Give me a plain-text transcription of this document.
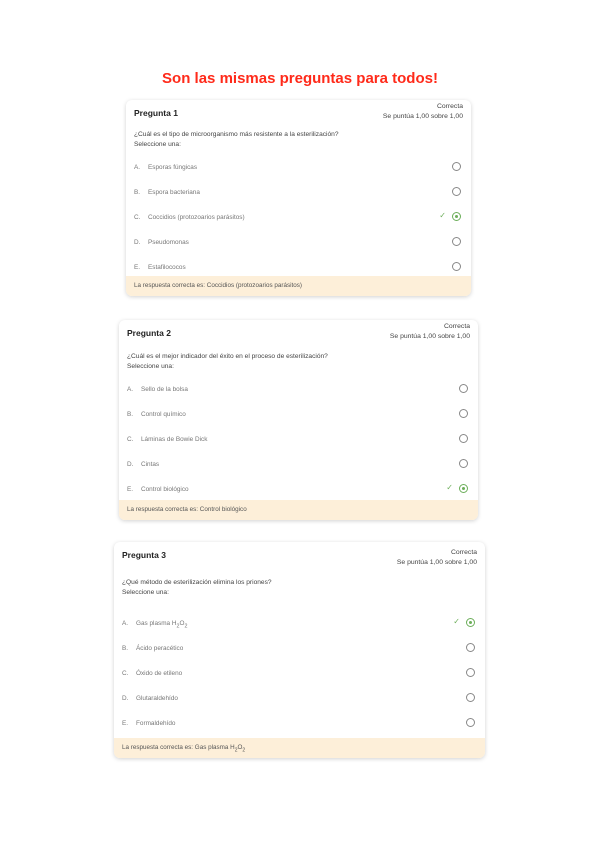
Son las mismas preguntas para todos!
Pregunta 1
Correcta
Se puntúa 1,00 sobre 1,00
¿Cuál es el tipo de microorganismo más resistente a la esterilización?
Seleccione una:
A. Esporas fúngicas
B. Espora bacteriana
C. Coccidios (protozoarios parásitos)	✓
D. Pseudomonas
E. Estafilococos
La respuesta correcta es: Coccidios (protozoarios parásitos)
Pregunta 2
Correcta
Se puntúa 1,00 sobre 1,00
¿Cuál es el mejor indicador del éxito en el proceso de esterilización?
Seleccione una:
A. Sello de la bolsa
B. Control químico
C. Láminas de Bowie Dick
D. Cintas
E. Control biológico	✓
La respuesta correcta es: Control biológico
Pregunta 3	Correcta
Se puntúa 1,00 sobre 1,00
¿Qué método de esterilización elimina los priones?
Seleccione una:
A. Gas plasma $H_2O_2$
✓
B. Ácido peracético
C. Óxido de etileno
D. Glutaraldehído
E. Formaldehído
La respuesta correcta es: Gas plasma $H_2O_2$
